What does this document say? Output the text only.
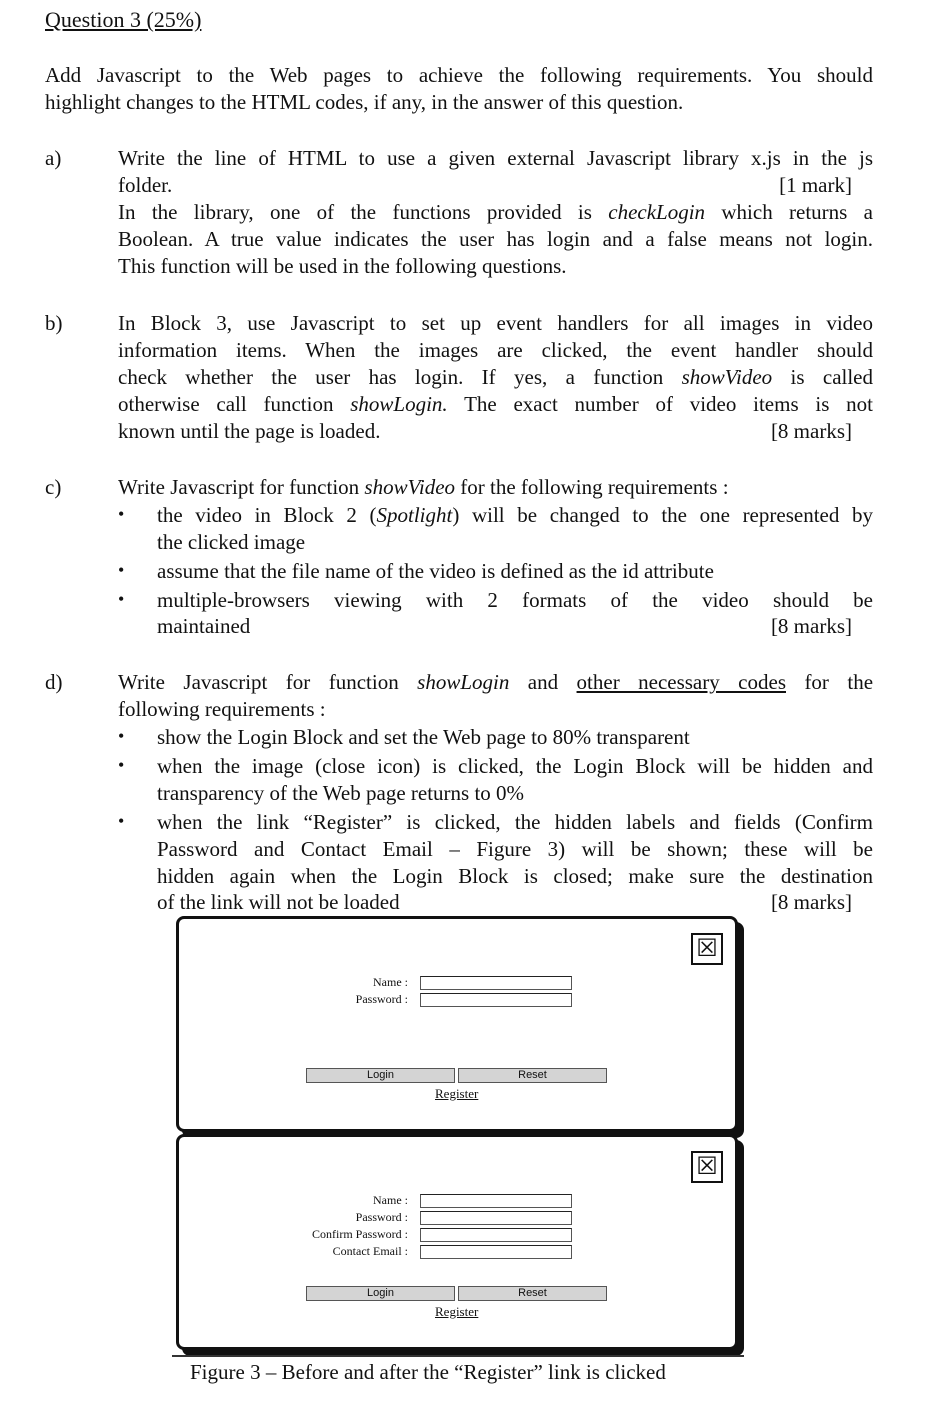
Question 3 (25%)
Add Javascript to the Web pages to achieve the following requirements. You should
highlight changes to the HTML codes, if any, in the answer of this question.
a)	Write the line of HTML to use a given external Javascript library x.js in the js
folder.	[1 mark]
In the library, one of the functions provided is checkLogin which returns a
Boolean. A true value indicates the user has login and a false means not login.
This function will be used in the following questions.
b)	In Block 3, use Javascript to set up event handlers for all images in video
information items. When the images are clicked, the event handler should
check whether the user has login. If yes, a function showVideo is called
otherwise call function showLogin. The exact number of video items is not
known until the page is loaded.	[8 marks]
c)	Write Javascript for function showVideo for the following requirements :
• the video in Block 2 (Spotlight) will be changed to the one represented by
the clicked image
• assume that the file name of the video is defined as the id attribute
• multiple-browsers viewing with 2 formats of the video should be
maintained	[8 marks]
d)	Write Javascript for function showLogin and other necessary codes for the
following requirements :
• show the Login Block and set the Web page to 80% transparent
• when the image (close icon) is clicked, the Login Block will be hidden and
transparency of the Web page returns to 0%
• when the link “Register” is clicked, the hidden labels and fields (Confirm
Password and Contact Email – Figure 3) will be shown; these will be
hidden again when the Login Block is closed; make sure the destination
of the link will not be loaded	[8 marks]
☒
Name :
Password :
Login	Reset
Register
☒
Name :
Password :
Confirm Password :
Contact Email :
Login	Reset
Register
Figure 3 – Before and after the “Register” link is clicked
